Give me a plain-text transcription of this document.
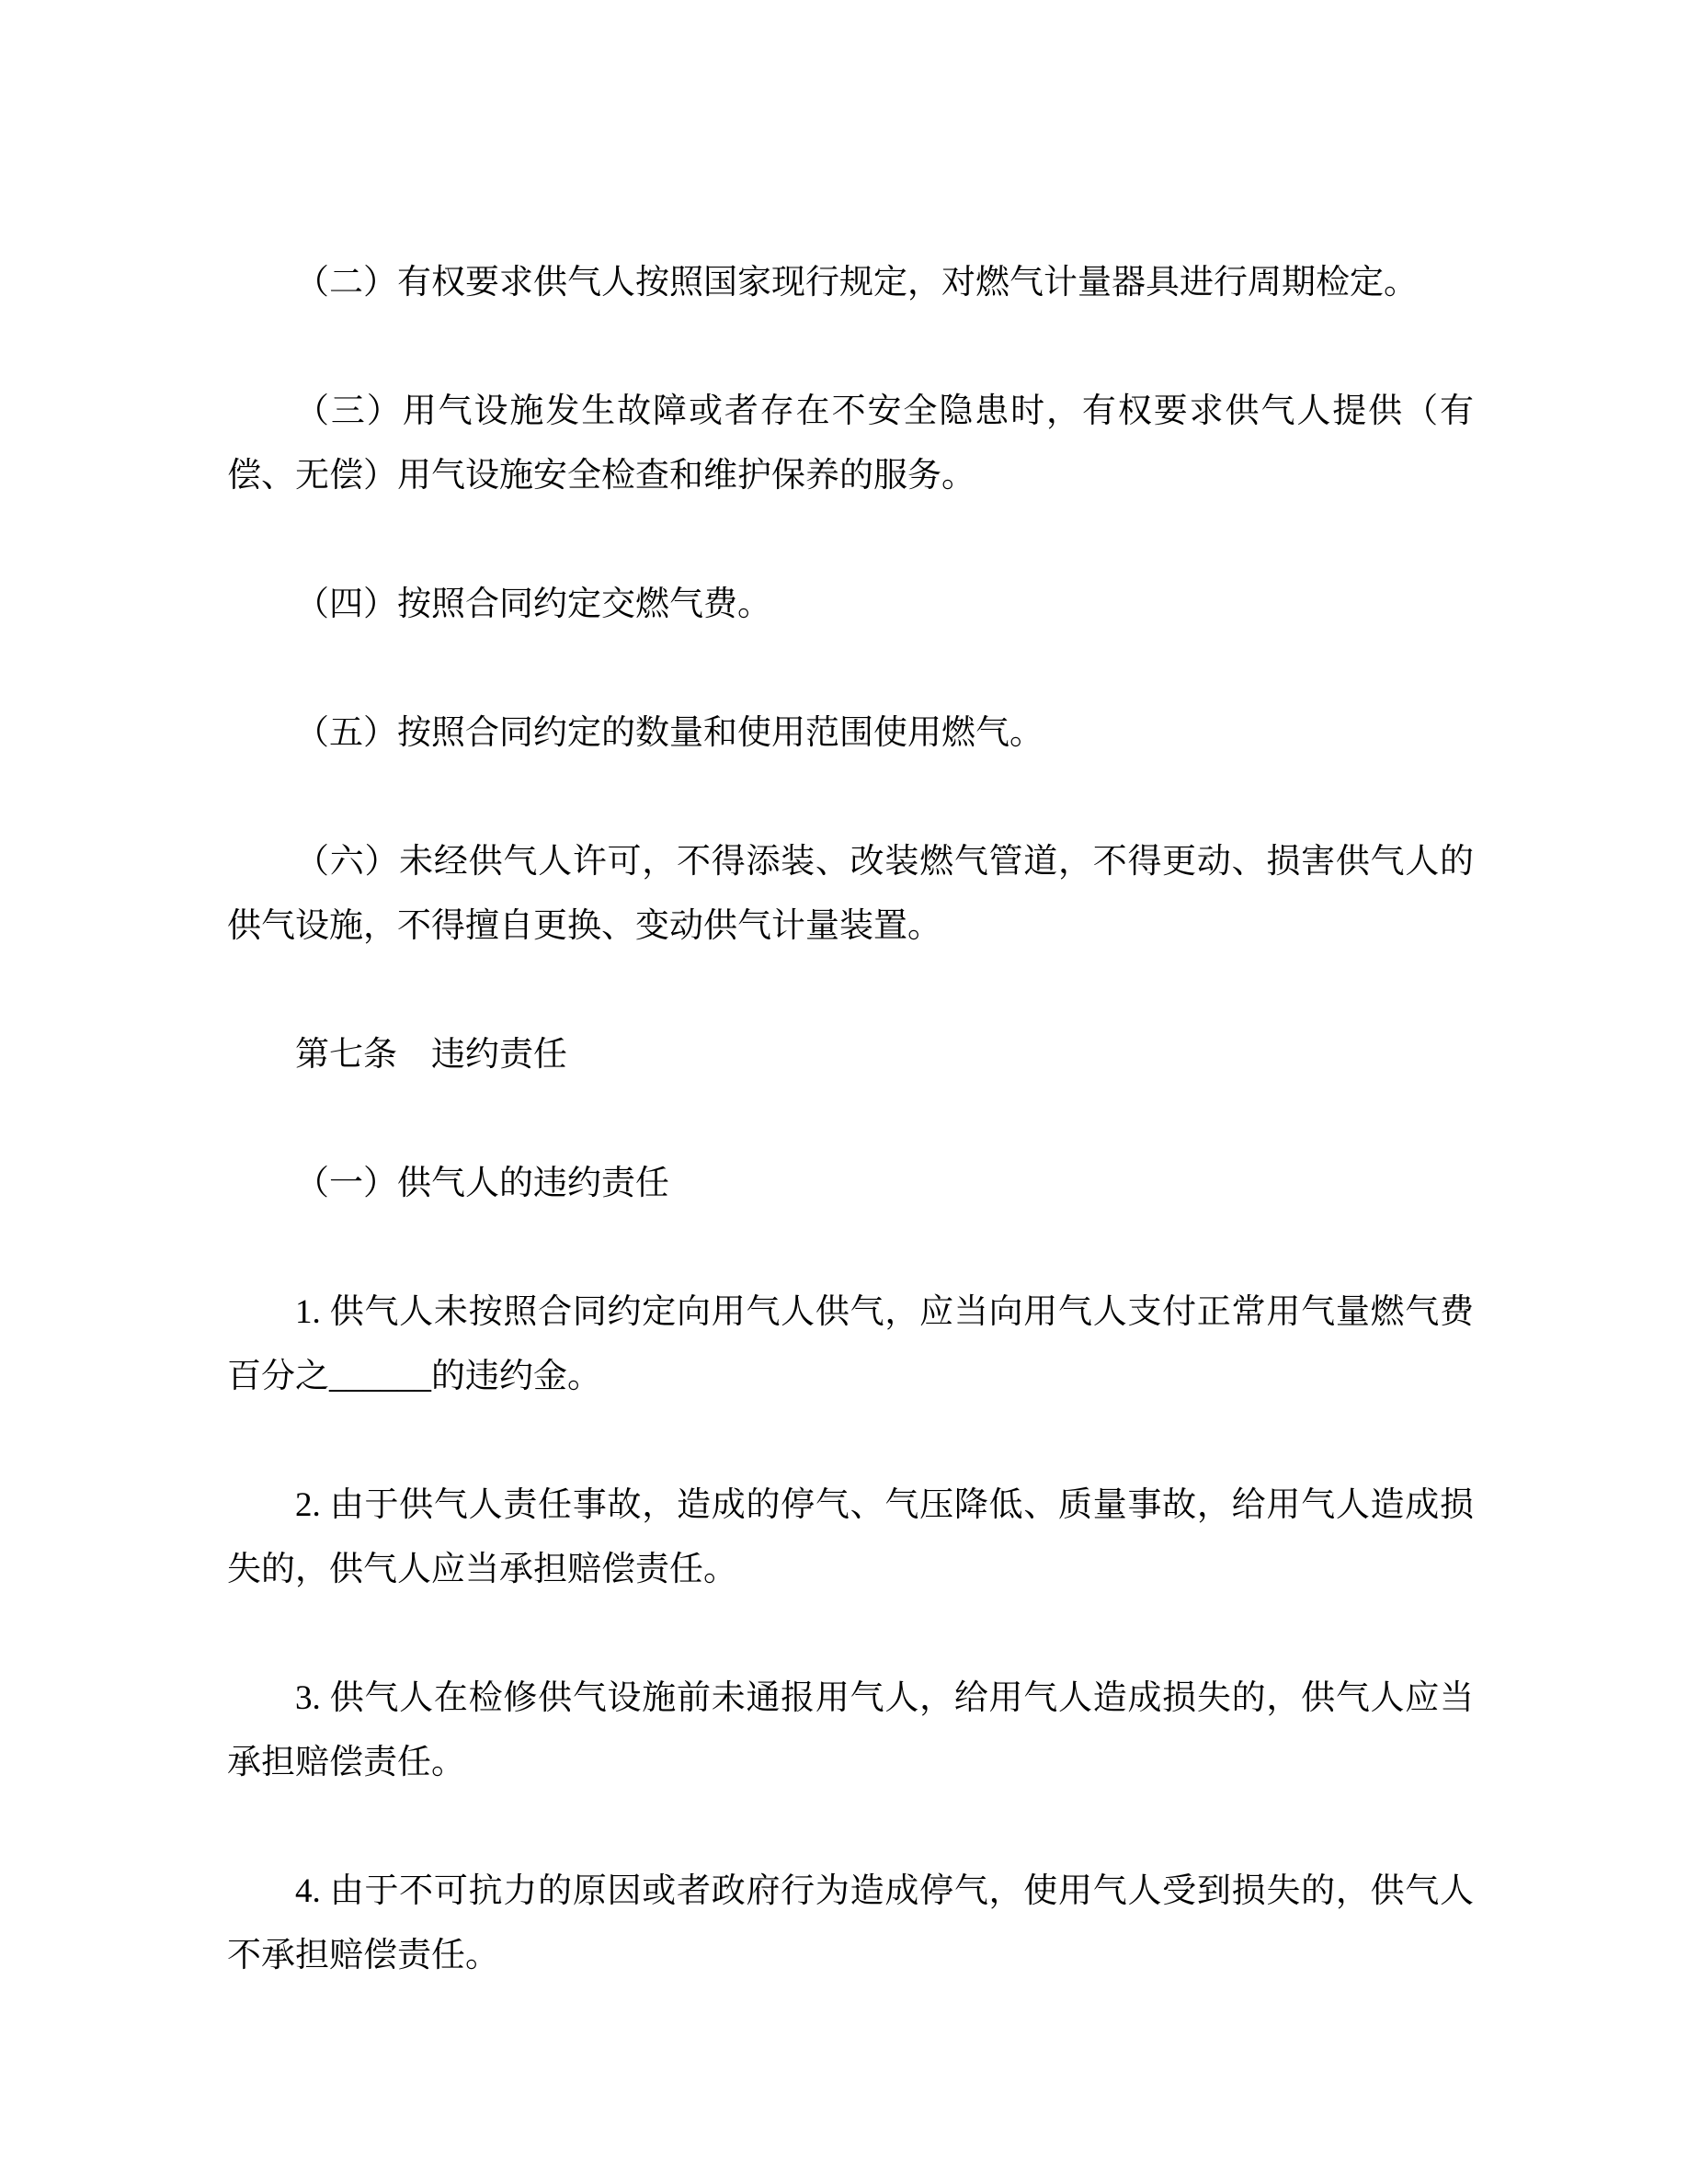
（二）有权要求供气人按照国家现行规定，对燃气计量器具进行周期检定。

（三）用气设施发生故障或者存在不安全隐患时，有权要求供气人提供（有偿、无偿）用气设施安全检查和维护保养的服务。

（四）按照合同约定交燃气费。

（五）按照合同约定的数量和使用范围使用燃气。

（六）未经供气人许可，不得添装、改装燃气管道，不得更动、损害供气人的供气设施，不得擅自更换、变动供气计量装置。

第七条　违约责任

（一）供气人的违约责任

1. 供气人未按照合同约定向用气人供气，应当向用气人支付正常用气量燃气费百分之______的违约金。

2. 由于供气人责任事故，造成的停气、气压降低、质量事故，给用气人造成损失的，供气人应当承担赔偿责任。

3. 供气人在检修供气设施前未通报用气人，给用气人造成损失的，供气人应当承担赔偿责任。

4. 由于不可抗力的原因或者政府行为造成停气，使用气人受到损失的，供气人不承担赔偿责任。
